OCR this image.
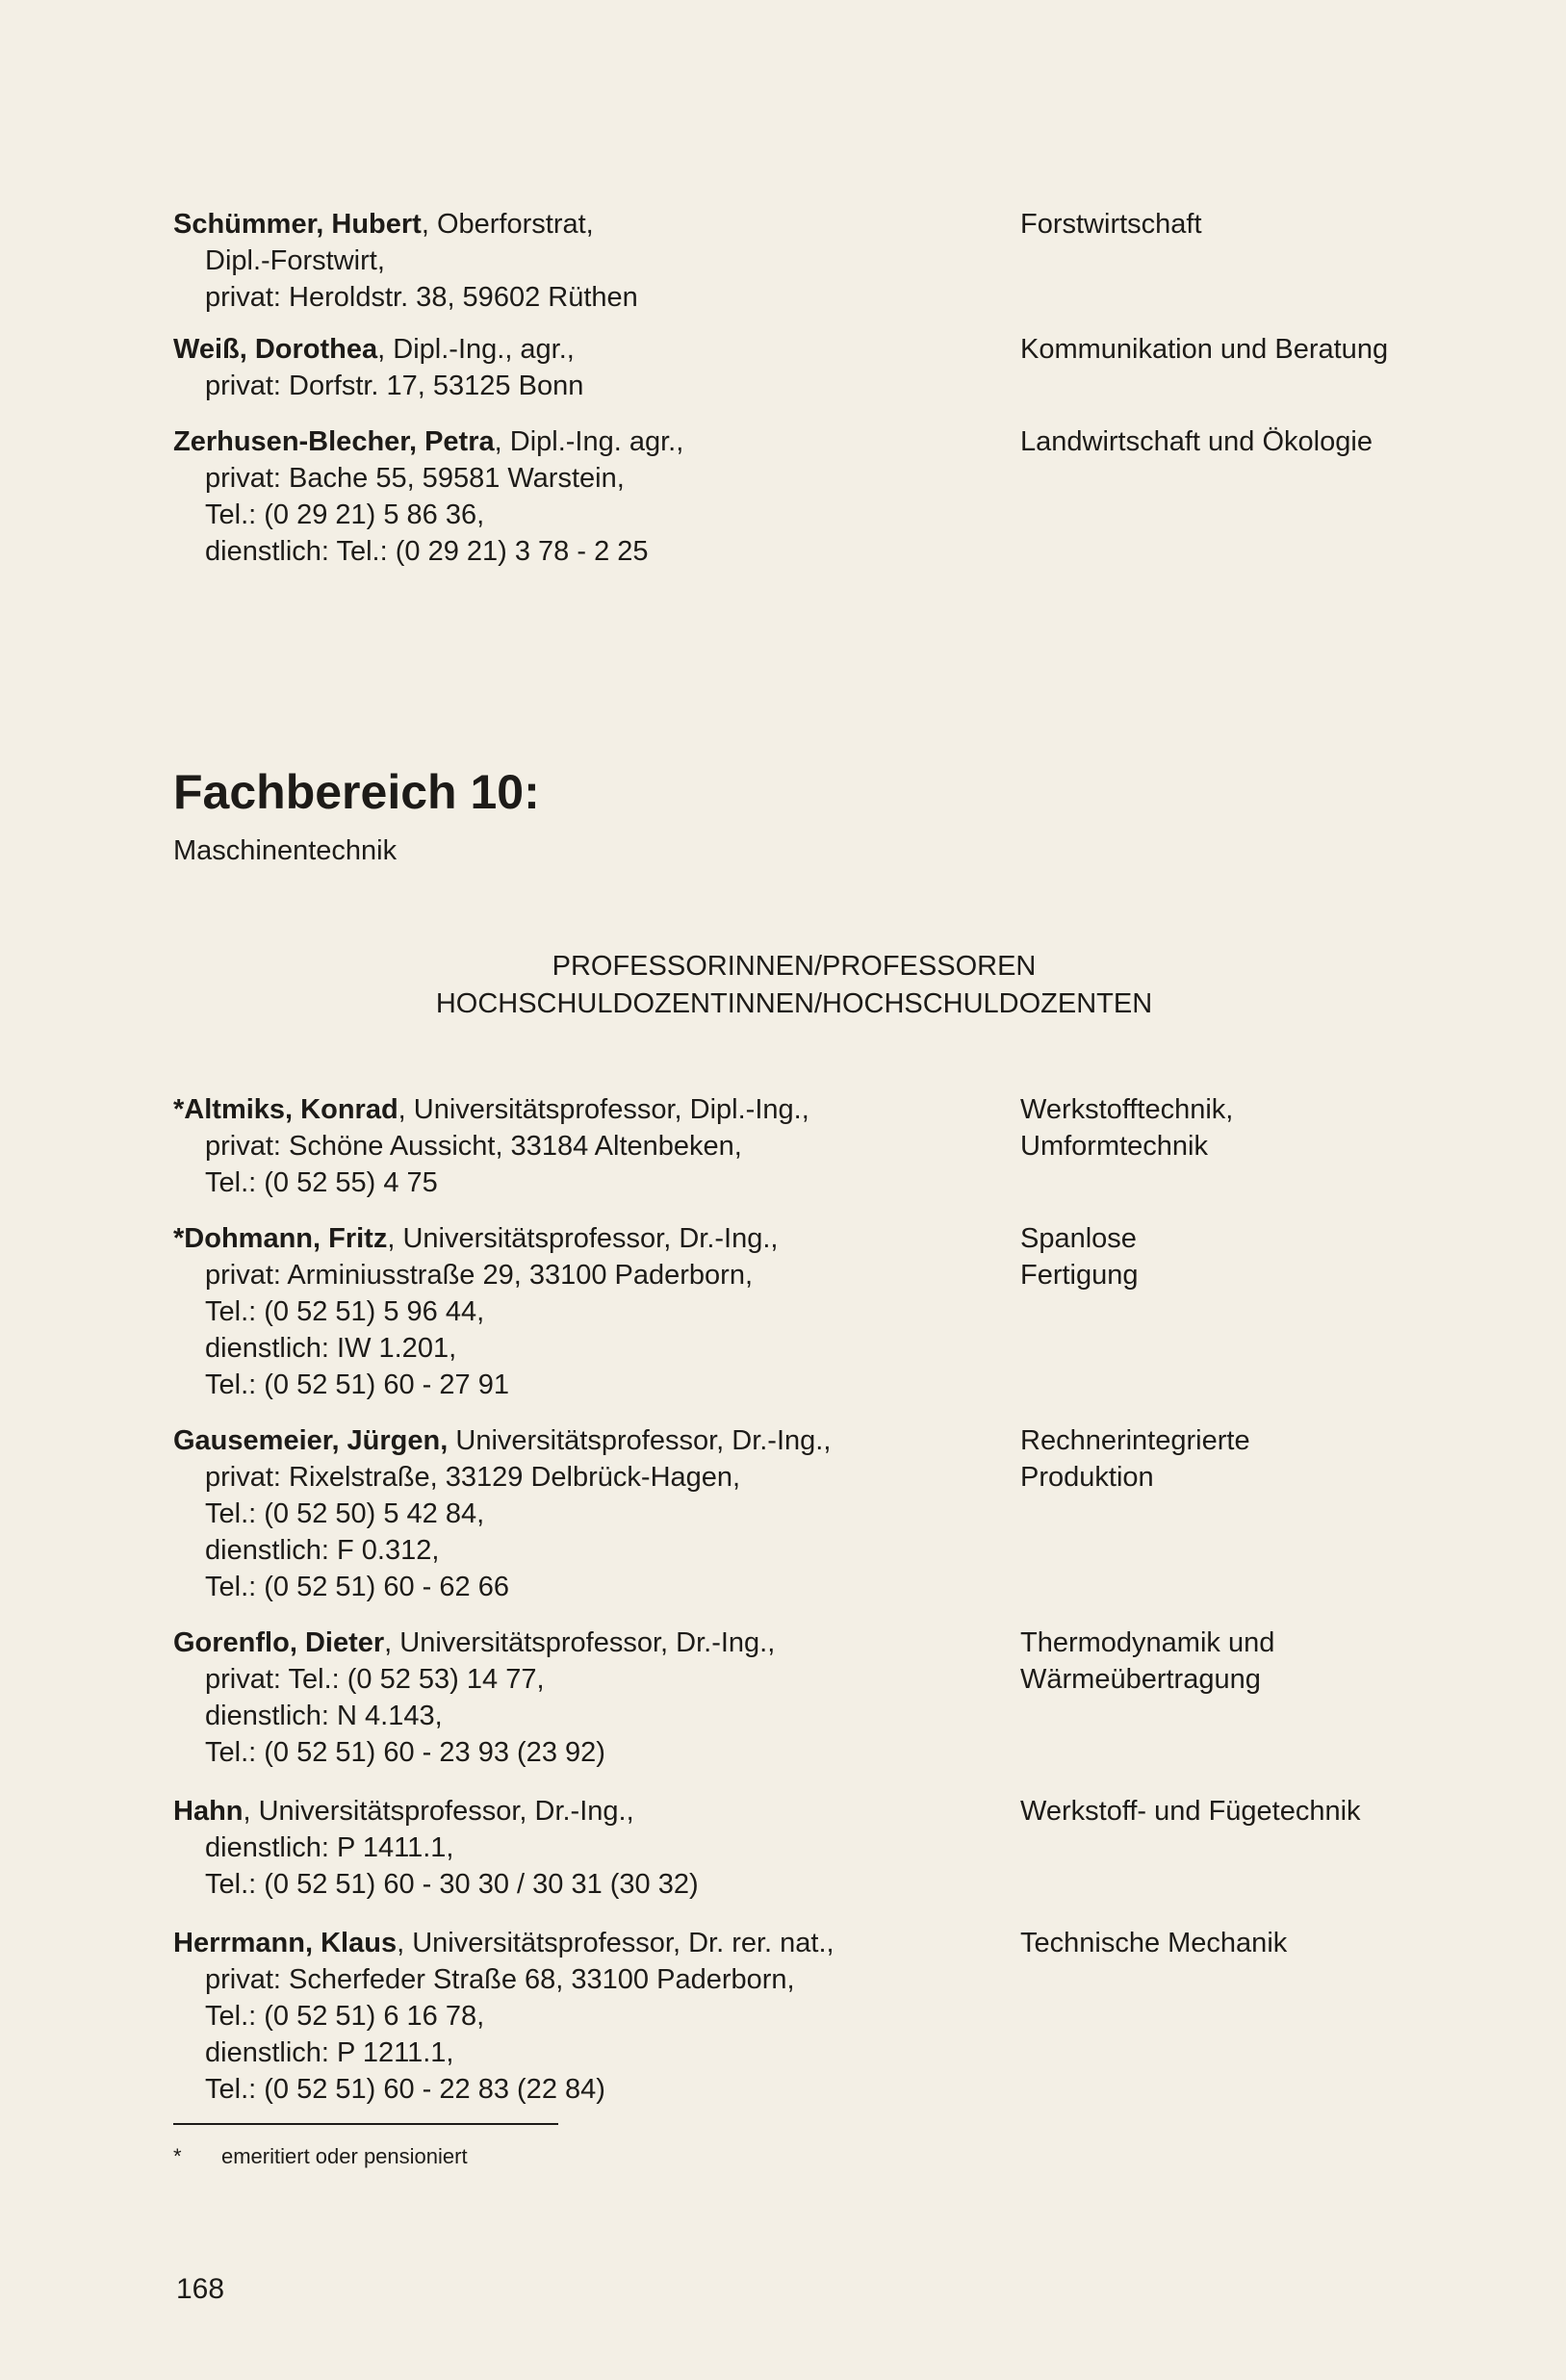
Schümmer, Hubert, Oberforstrat,
Dipl.-Forstwirt,
privat: Heroldstr. 38, 59602 Rüthen
Forstwirtschaft
Weiß, Dorothea, Dipl.-Ing., agr.,
privat: Dorfstr. 17, 53125 Bonn
Kommunikation und Beratung
Zerhusen-Blecher, Petra, Dipl.-Ing. agr.,
privat: Bache 55, 59581 Warstein,
Tel.: (0 29 21) 5 86 36,
dienstlich: Tel.: (0 29 21) 3 78 - 2 25
Landwirtschaft und Ökologie
Fachbereich 10:
Maschinentechnik
PROFESSORINNEN/PROFESSOREN
HOCHSCHULDOZENTINNEN/HOCHSCHULDOZENTEN
*Altmiks, Konrad, Universitätsprofessor, Dipl.-Ing.,
privat: Schöne Aussicht, 33184 Altenbeken,
Tel.: (0 52 55) 4 75
Werkstofftechnik,
Umformtechnik
*Dohmann, Fritz, Universitätsprofessor, Dr.-Ing.,
privat: Arminiusstraße 29, 33100 Paderborn,
Tel.: (0 52 51) 5 96 44,
dienstlich: IW 1.201,
Tel.: (0 52 51) 60 - 27 91
Spanlose
Fertigung
Gausemeier, Jürgen, Universitätsprofessor, Dr.-Ing.,
privat: Rixelstraße, 33129 Delbrück-Hagen,
Tel.: (0 52 50) 5 42 84,
dienstlich: F 0.312,
Tel.: (0 52 51) 60 - 62 66
Rechnerintegrierte
Produktion
Gorenflo, Dieter, Universitätsprofessor, Dr.-Ing.,
privat: Tel.: (0 52 53) 14 77,
dienstlich: N 4.143,
Tel.: (0 52 51) 60 - 23 93 (23 92)
Thermodynamik und
Wärmeübertragung
Hahn, Universitätsprofessor, Dr.-Ing.,
dienstlich: P 1411.1,
Tel.: (0 52 51) 60 - 30 30 / 30 31 (30 32)
Werkstoff- und Fügetechnik
Herrmann, Klaus, Universitätsprofessor, Dr. rer. nat.,
privat: Scherfeder Straße 68, 33100 Paderborn,
Tel.: (0 52 51) 6 16 78,
dienstlich: P 1211.1,
Tel.: (0 52 51) 60 - 22 83 (22 84)
Technische Mechanik
* emeritiert oder pensioniert
168
